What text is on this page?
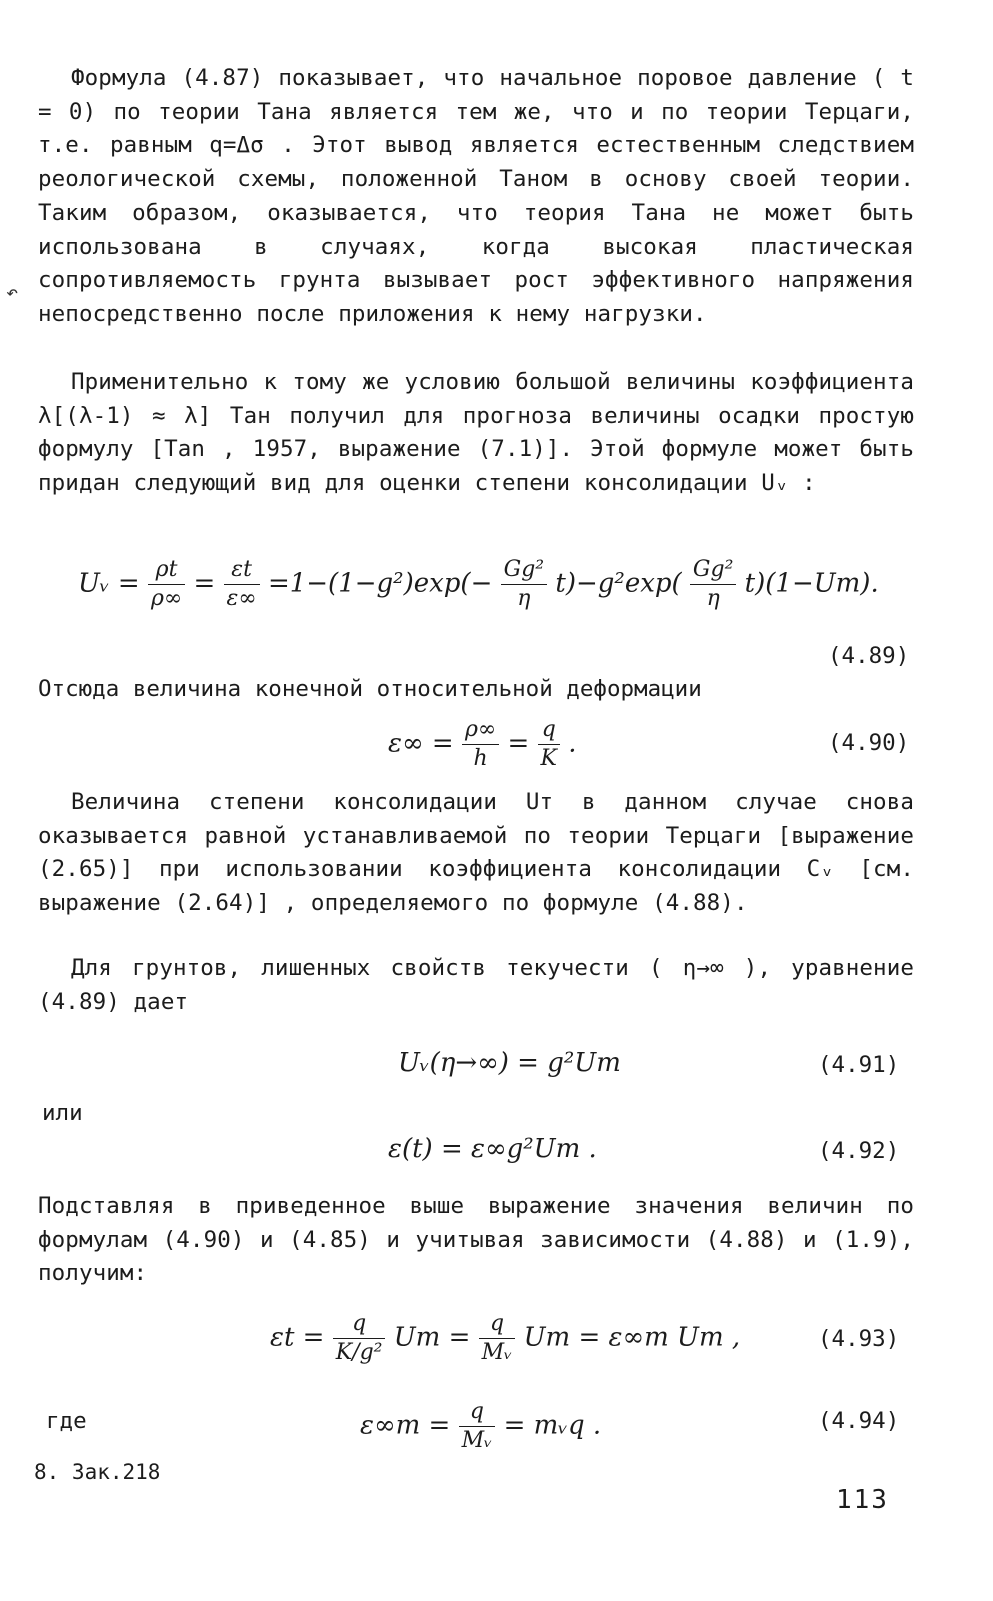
↶
Формула (4.87) показывает, что начальное поровое давление ( t = 0) по теории Тана является тем же, что и по теории Терцаги, т.е. равным q=Δσ . Этот вывод является естественным следствием реологической схемы, положенной Таном в основу своей теории. Таким образом, оказывается, что теория Тана не может быть использована в случаях, когда высокая пластическая сопротивляемость грунта вызывает рост эффективного напряжения непосредственно после приложения к нему нагрузки.
Применительно к тому же условию большой величины коэффициента λ[(λ-1) ≈ λ] Тан получил для прогноза величины осадки простую формулу [Tan , 1957, выражение (7.1)]. Этой формуле может быть придан следующий вид для оценки степени консолидации Uᵥ :
Uᵥ = $\frac{\rho t}{\rho\infty} = \frac{\varepsilon t}{\varepsilon\infty} =1-(1-g^2)\exp(- \frac{\text{Gg²}}{\eta} t)-g^2\exp( \frac{\text{Gg²}}{\eta} t)(1-Uт)$.
(4.89)
Отсюда величина конечной относительной деформации
$\varepsilon\infty = \frac{\rho\infty}{h} = \frac{q}{K}$ .	(4.90)
Величина степени консолидации Uт в данном случае снова оказывается равной устанавливаемой по теории Терцаги [выражение (2.65)] при использовании коэффициента консолидации Cᵥ [см. выражение (2.64)] , определяемого по формуле (4.88).
Для грунтов, лишенных свойств текучести ( η→∞ ), уравнение (4.89) дает
Uᵥ(η→∞) = g²Uт	(4.91)
или
ε(t) = ε∞g²Uт .	(4.92)
Подставляя в приведенное выше выражение значения величин по формулам (4.90) и (4.85) и учитывая зависимости (4.88) и (1.9), получим:
$\varepsilon t = \frac{q}{\text{K/g²}}$ Uт = $\frac{q}{\text{Mᵥ}}$ Uт = ε∞т Uт ,	(4.93)
где	$\varepsilon\infty т = \frac{q}{\text{Mᵥ}}$ = mᵥq .	(4.94)
8. Зак.218
113
